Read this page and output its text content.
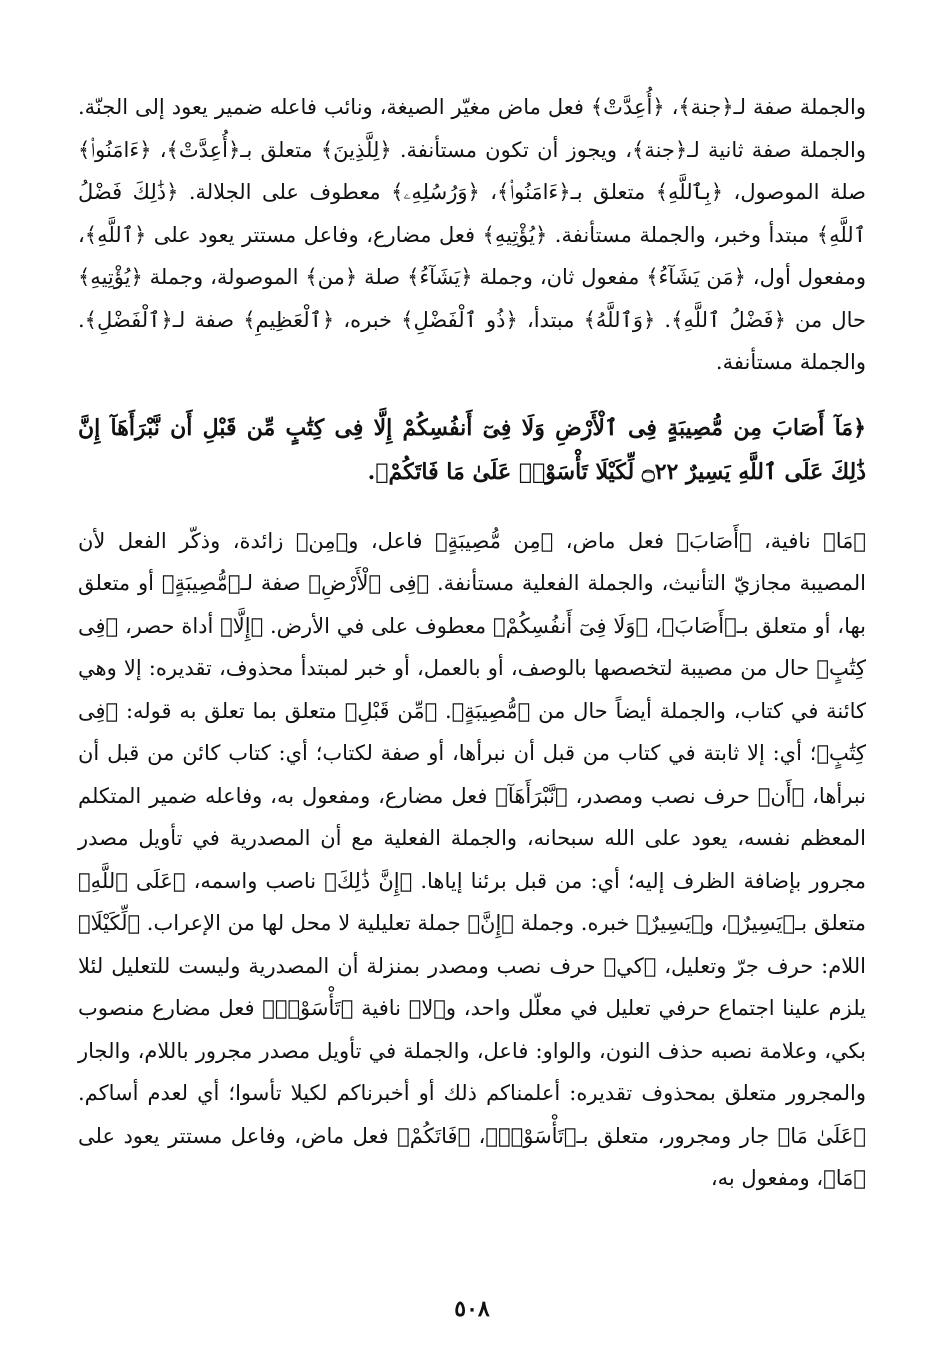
والجملة صفة لـ﴿جنة﴾، ﴿أُعِدَّتْ﴾ فعل ماض مغيّر الصيغة، ونائب فاعله ضمير يعود إلى الجنّة. والجملة صفة ثانية لـ﴿جنة﴾، ويجوز أن تكون مستأنفة. ﴿لِلَّذِينَ﴾ متعلق بـ﴿أُعِدَّتْ﴾، ﴿ءَامَنُوا۟﴾ صلة الموصول، ﴿بِٱللَّهِ﴾ متعلق بـ﴿ءَامَنُوا۟﴾، ﴿وَرُسُلِهِۦ﴾ معطوف على الجلالة. ﴿ذَٰلِكَ فَضْلُ ٱللَّهِ﴾ مبتدأ وخبر، والجملة مستأنفة. ﴿يُؤْتِيهِ﴾ فعل مضارع، وفاعل مستتر يعود على ﴿ٱللَّهِ﴾، ومفعول أول، ﴿مَن يَشَآءُ﴾ مفعول ثان، وجملة ﴿يَشَآءُ﴾ صلة ﴿من﴾ الموصولة، وجملة ﴿يُؤْتِيهِ﴾ حال من ﴿فَضْلُ ٱللَّهِ﴾. ﴿وَٱللَّهُ﴾ مبتدأ، ﴿ذُو ٱلْفَضْلِ﴾ خبره، ﴿ٱلْعَظِيمِ﴾ صفة لـ﴿ٱلْفَضْلِ﴾. والجملة مستأنفة.

﴿مَآ أَصَابَ مِن مُّصِيبَةٍ فِى ٱلْأَرْضِ وَلَا فِىٓ أَنفُسِكُمْ إِلَّا فِى كِتَٰبٍ مِّن قَبْلِ أَن نَّبْرَأَهَآ إِنَّ ذَٰلِكَ عَلَى ٱللَّهِ يَسِيرٌ ۝٢٢ لِّكَيْلَا تَأْسَوْا۟ عَلَىٰ مَا فَاتَكُمْ﴾.

﴿مَا﴾ نافية، ﴿أَصَابَ﴾ فعل ماض، ﴿مِن مُّصِيبَةٍ﴾ فاعل، و﴿مِن﴾ زائدة، وذكّر الفعل لأن المصيبة مجازيّ التأنيث، والجملة الفعلية مستأنفة. ﴿فِى ٱلْأَرْضِ﴾ صفة لـ﴿مُّصِيبَةٍ﴾ أو متعلق بها، أو متعلق بـ﴿أَصَابَ﴾، ﴿وَلَا فِىٓ أَنفُسِكُمْ﴾ معطوف على في الأرض. ﴿إِلَّا﴾ أداة حصر، ﴿فِى كِتَٰبٍ﴾ حال من مصيبة لتخصصها بالوصف، أو بالعمل، أو خبر لمبتدأ محذوف، تقديره: إلا وهي كائنة في كتاب، والجملة أيضاً حال من ﴿مُّصِيبَةٍ﴾. ﴿مِّن قَبْلِ﴾ متعلق بما تعلق به قوله: ﴿فِى كِتَٰبٍ﴾؛ أي: إلا ثابتة في كتاب من قبل أن نبرأها، أو صفة لكتاب؛ أي: كتاب كائن من قبل أن نبرأها، ﴿أَن﴾ حرف نصب ومصدر، ﴿نَّبْرَأَهَآ﴾ فعل مضارع، ومفعول به، وفاعله ضمير المتكلم المعظم نفسه، يعود على الله سبحانه، والجملة الفعلية مع أن المصدرية في تأويل مصدر مجرور بإضافة الظرف إليه؛ أي: من قبل برئنا إياها. ﴿إِنَّ ذَٰلِكَ﴾ ناصب واسمه، ﴿عَلَى ٱللَّهِ﴾ متعلق بـ﴿يَسِيرٌ﴾، و﴿يَسِيرٌ﴾ خبره. وجملة ﴿إِنَّ﴾ جملة تعليلية لا محل لها من الإعراب. ﴿لِّكَيْلَا﴾ اللام: حرف جرّ وتعليل، ﴿كي﴾ حرف نصب ومصدر بمنزلة أن المصدرية وليست للتعليل لئلا يلزم علينا اجتماع حرفي تعليل في معلّل واحد، و﴿لا﴾ نافية ﴿تَأْسَوْا۟﴾ فعل مضارع منصوب بكي، وعلامة نصبه حذف النون، والواو: فاعل، والجملة في تأويل مصدر مجرور باللام، والجار والمجرور متعلق بمحذوف تقديره: أعلمناكم ذلك أو أخبرناكم لكيلا تأسوا؛ أي لعدم أساكم. ﴿عَلَىٰ مَا﴾ جار ومجرور، متعلق بـ﴿تَأْسَوْا۟﴾، ﴿فَاتَكُمْ﴾ فعل ماض، وفاعل مستتر يعود على ﴿مَا﴾، ومفعول به،

٥٠٨
